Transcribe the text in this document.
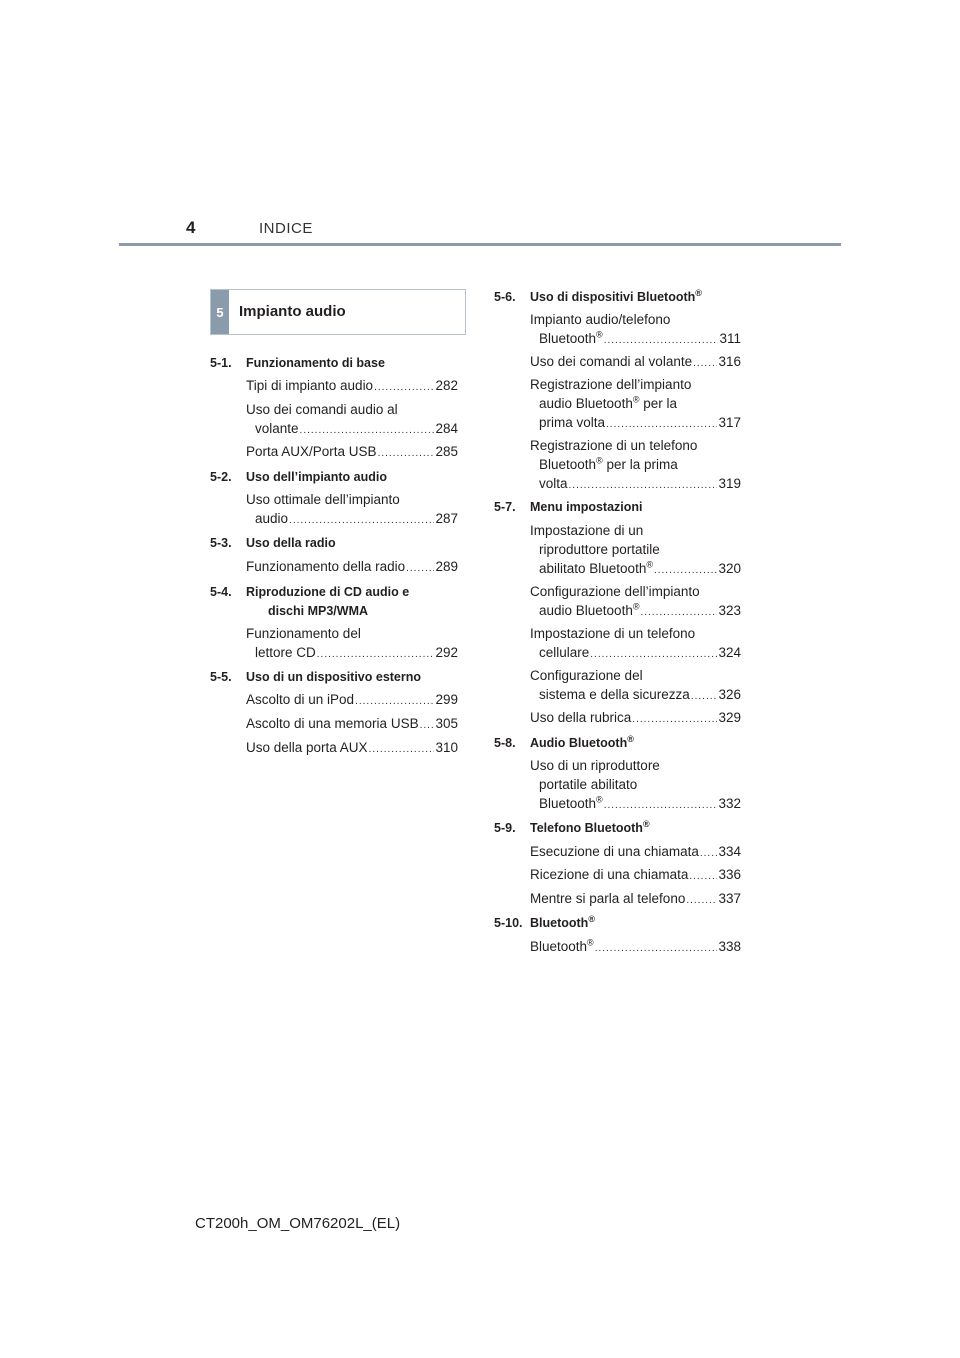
4	INDICE
5	Impianto audio
5-1. Funzionamento di base
Tipi di impianto audio .....	282
Uso dei comandi audio al
volante .....	284
Porta AUX/Porta USB .....	285
5-2. Uso dell’impianto audio
Uso ottimale dell’impianto
audio .....	287
5-3. Uso della radio
Funzionamento della radio ..... 289
5-4. Riproduzione di CD audio e
dischi MP3/WMA
Funzionamento del
lettore CD .....	292
5-5. Uso di un dispositivo esterno
Ascolto di un iPod .....	299
Ascolto di una memoria USB ..... 305
Uso della porta AUX .....	310
5-6. Uso di dispositivi Bluetooth®
Impianto audio/telefono
Bluetooth® .....	311
Uso dei comandi al volante ..... 316
Registrazione dell’impianto
audio Bluetooth® per la
prima volta .....	317
Registrazione di un telefono
Bluetooth® per la prima
volta .....	319
5-7. Menu impostazioni
Impostazione di un
riproduttore portatile
abilitato Bluetooth® .....	320
Configurazione dell’impianto
audio Bluetooth® .....	323
Impostazione di un telefono
cellulare .....	324
Configurazione del
sistema e della sicurezza ..... 326
Uso della rubrica .....	329
5-8. Audio Bluetooth®
Uso di un riproduttore
portatile abilitato
Bluetooth® .....	332
5-9. Telefono Bluetooth®
Esecuzione di una chiamata ..... 334
Ricezione di una chiamata ..... 336
Mentre si parla al telefono ..... 337
5-10. Bluetooth®
Bluetooth® .....	338
CT200h_OM_OM76202L_(EL)
